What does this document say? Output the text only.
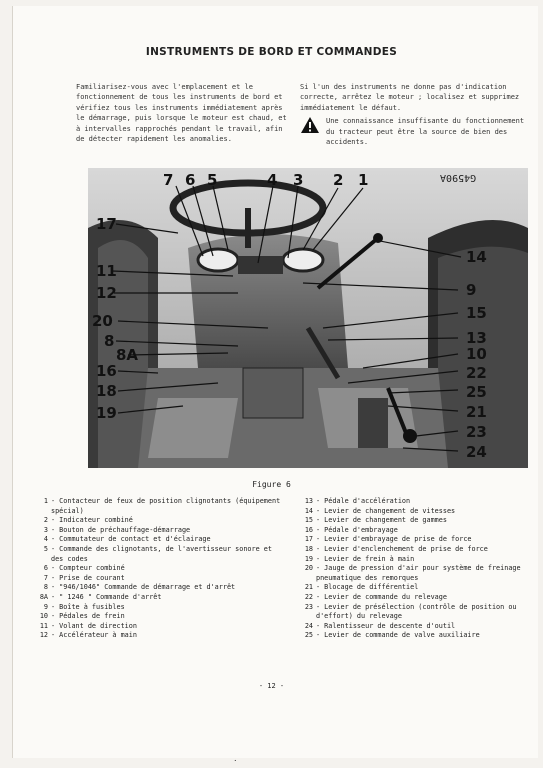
INSTRUMENTS DE BORD ET COMMANDES
Familiarisez-vous avec l'emplacement et le fonctionnement de tous les instruments de bord et vérifiez tous les instruments immédiatement après le démarrage, puis lorsque le moteur est chaud, et à intervalles rapprochés pendant le travail, afin de détecter rapidement les anomalies.
Si l'un des instruments ne donne pas d'indication correcte, arrêtez le moteur ; localisez et supprimez immédiatement le défaut.
Une connaissance insuffisante du fonctionnement du tracteur peut être la source de bien des accidents.
G4590A
7 6 5	4 3 2 1
17
11
12
20
8
8A
16
18
19
14
9
15
13
10
22
25
21
23
24
Figure 6
1 - Contacteur de feux de position clignotants (équipement spécial)
2 - Indicateur combiné
3 - Bouton de préchauffage-démarrage
4 - Commutateur de contact et d'éclairage
5 - Commande des clignotants, de l'avertisseur sonore et des codes
6 - Compteur combiné
7 - Prise de courant
8 - "946/1046" Commande de démarrage et d'arrêt
8A - " 1246 " Commande d'arrêt
9 - Boîte à fusibles
10 - Pédales de frein
11 - Volant de direction
12 - Accélérateur à main
13 - Pédale d'accélération
14 - Levier de changement de vitesses
15 - Levier de changement de gammes
16 - Pédale d'embrayage
17 - Levier d'embrayage de prise de force
18 - Levier d'enclenchement de prise de force
19 - Levier de frein à main
20 - Jauge de pression d'air pour système de freinage pneumatique des remorques
21 - Blocage de différentiel
22 - Levier de commande du relevage
23 - Levier de présélection (contrôle de position ou d'effort) du relevage
24 - Ralentisseur de descente d'outil
25 - Levier de commande de valve auxiliaire
- 12 -
.
